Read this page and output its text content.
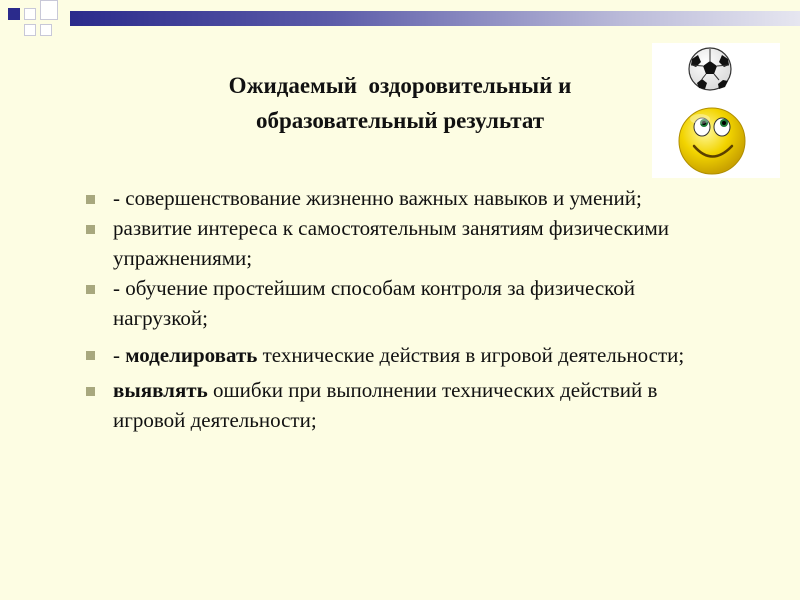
Ожидаемый  оздоровительный и
образовательный результат
- совершенствование жизненно важных навыков и умений;
развитие интереса к самостоятельным занятиям физическими упражнениями;
- обучение простейшим способам контроля за физической нагрузкой;
- моделировать технические действия в игровой деятельности;
выявлять ошибки при выполнении технических действий в игровой деятельности;
